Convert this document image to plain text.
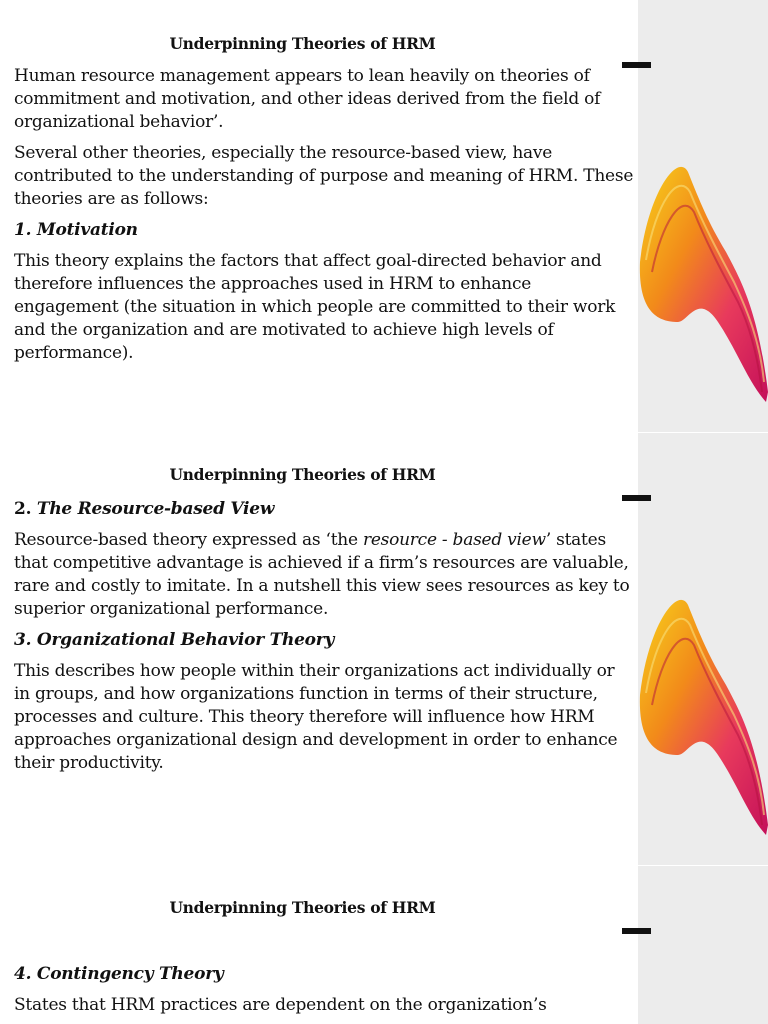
Underpinning Theories of HRM

Human resource management appears to lean heavily on theories of commitment and motivation, and other ideas derived from the field of organizational behavior’.

Several other theories, especially the resource-based view, have contributed to the understanding of purpose and meaning of HRM. These theories are as follows:

1. Motivation

This theory explains the factors that affect goal-directed behavior and therefore influences the approaches used in HRM to enhance engagement (the situation in which people are committed to their work and the organization and are motivated to achieve high levels of performance).

Underpinning Theories of HRM
2. The Resource-based View

Resource-based theory expressed as ‘the resource - based view’ states that competitive advantage is achieved if a firm’s resources are valuable, rare and costly to imitate. In a nutshell this view sees resources as key to superior organizational performance.

3. Organizational Behavior Theory

This describes how people within their organizations act individually or in groups, and how organizations function in terms of their structure, processes and culture. This theory therefore will influence how HRM approaches organizational design and development in order to enhance their productivity.

Underpinning Theories of HRM
4. Contingency Theory

States that HRM practices are dependent on the organization’s
